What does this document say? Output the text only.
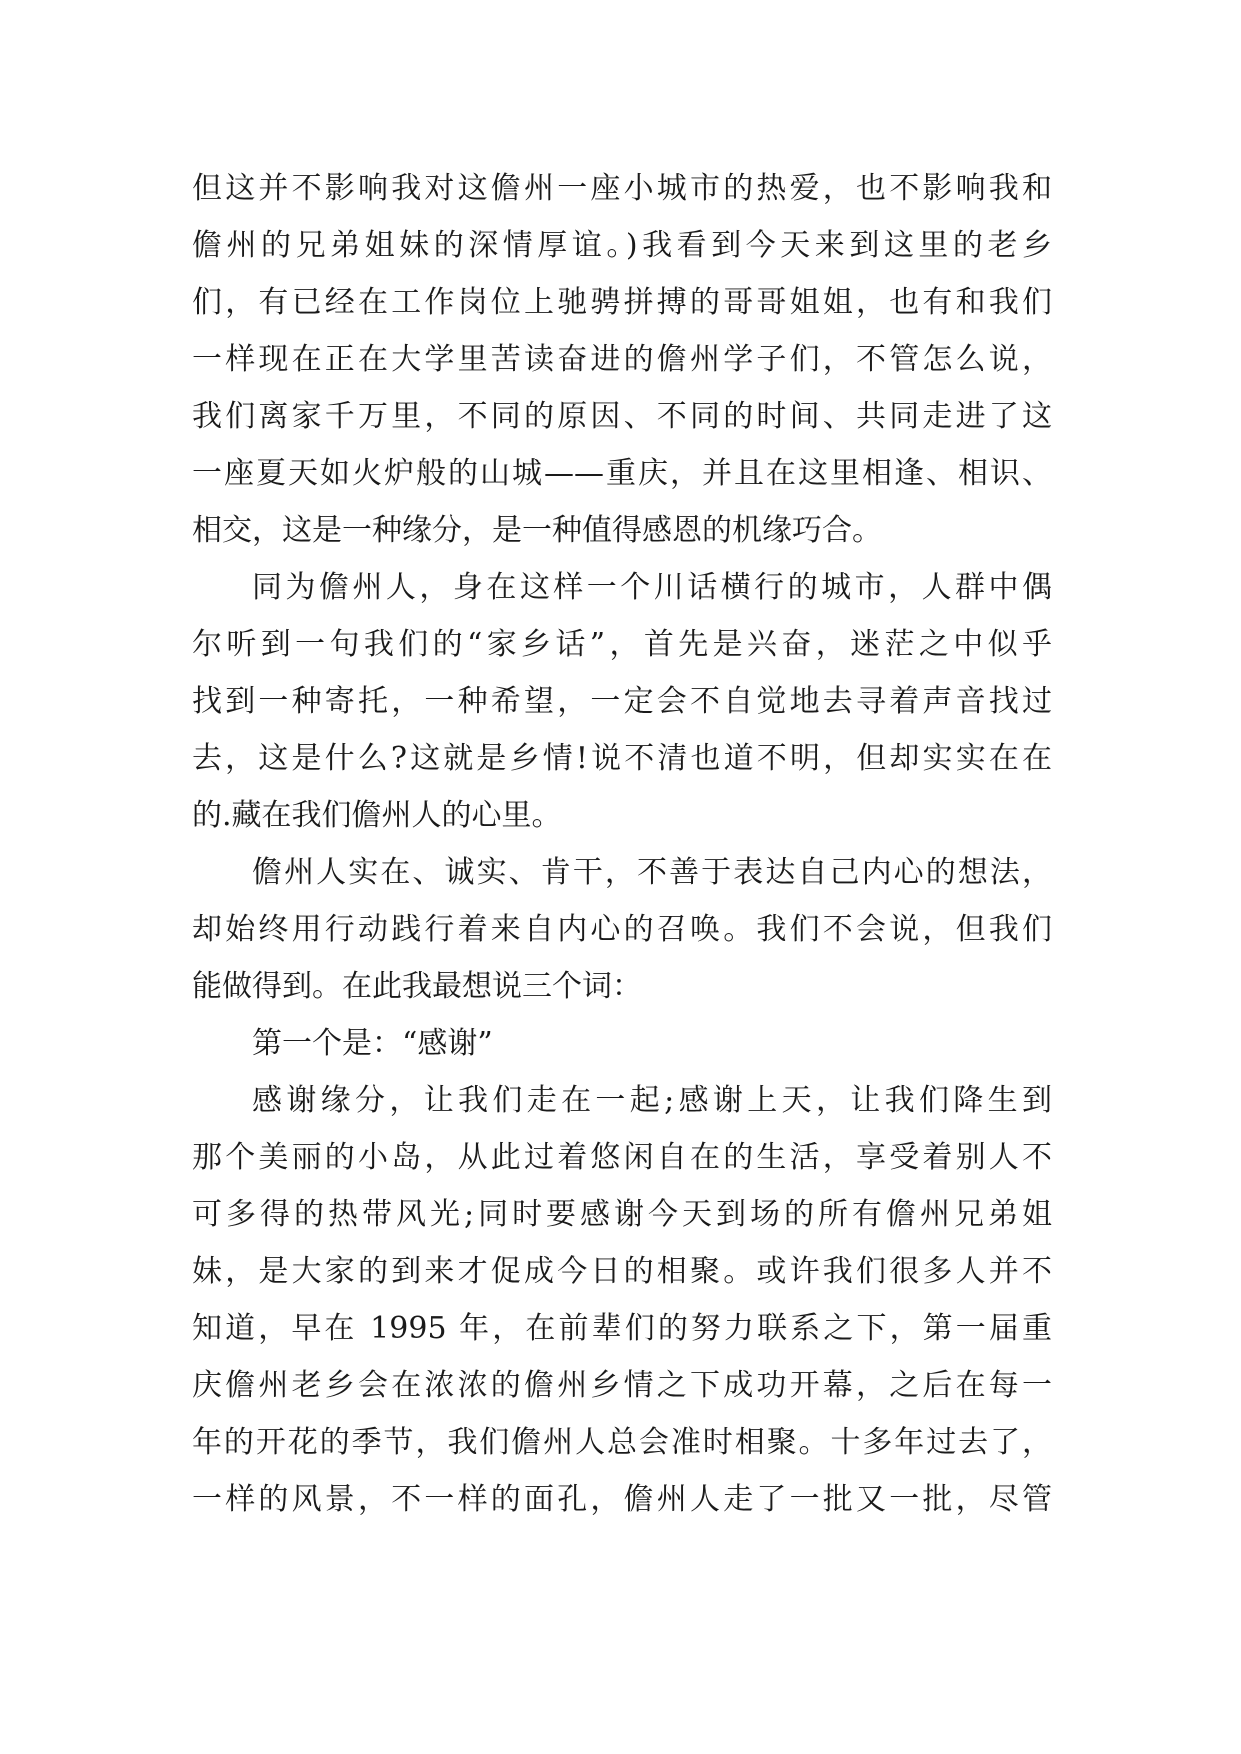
但这并不影响我对这儋州一座小城市的热爱，也不影响我和
儋州的兄弟姐妹的深情厚谊。)我看到今天来到这里的老乡
们，有已经在工作岗位上驰骋拼搏的哥哥姐姐，也有和我们
一样现在正在大学里苦读奋进的儋州学子们，不管怎么说，
我们离家千万里，不同的原因、不同的时间、共同走进了这
一座夏天如火炉般的山城——重庆，并且在这里相逢、相识、
相交，这是一种缘分，是一种值得感恩的机缘巧合。
同为儋州人，身在这样一个川话横行的城市，人群中偶
尔听到一句我们的“家乡话”，首先是兴奋，迷茫之中似乎
找到一种寄托，一种希望，一定会不自觉地去寻着声音找过
去，这是什么?这就是乡情!说不清也道不明，但却实实在在
的.藏在我们儋州人的心里。
儋州人实在、诚实、肯干，不善于表达自己内心的想法，
却始终用行动践行着来自内心的召唤。我们不会说，但我们
能做得到。在此我最想说三个词：
第一个是：“感谢”
感谢缘分，让我们走在一起;感谢上天，让我们降生到
那个美丽的小岛，从此过着悠闲自在的生活，享受着别人不
可多得的热带风光;同时要感谢今天到场的所有儋州兄弟姐
妹，是大家的到来才促成今日的相聚。或许我们很多人并不
知道，早在 1995 年，在前辈们的努力联系之下，第一届重
庆儋州老乡会在浓浓的儋州乡情之下成功开幕，之后在每一
年的开花的季节，我们儋州人总会准时相聚。十多年过去了，
一样的风景，不一样的面孔，儋州人走了一批又一批，尽管
